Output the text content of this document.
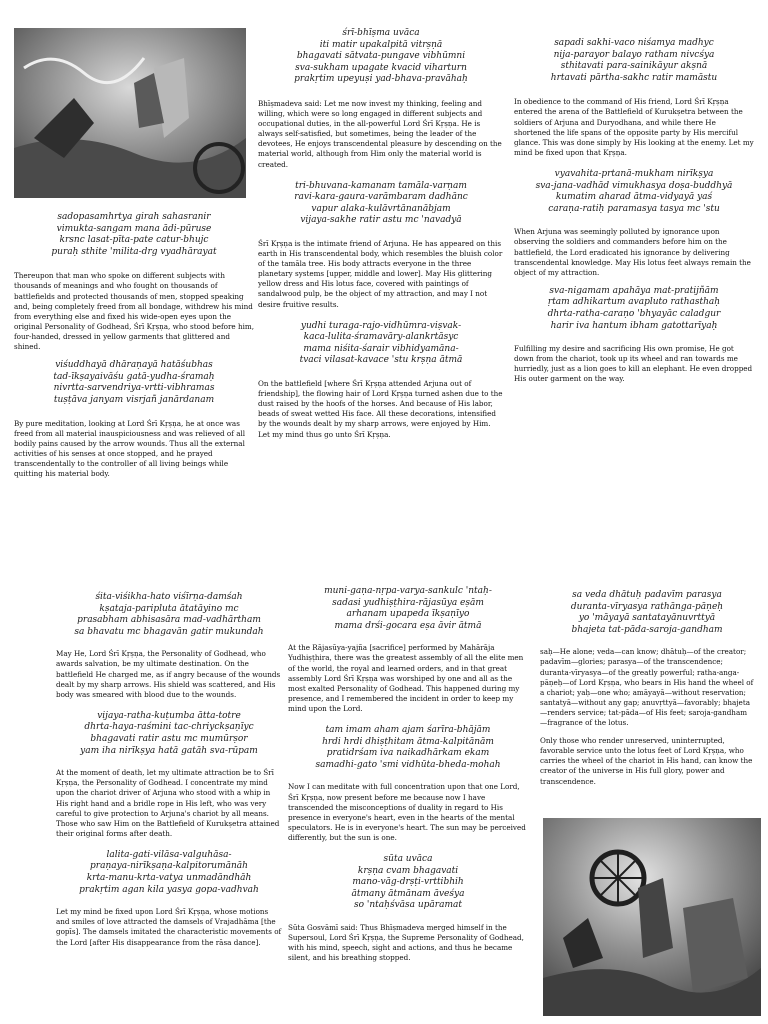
sadopasamhrtya girah sahasranir
vimukta-sangam mana ādi-pūruse
krsnc lasat-pīta-pate catur-bhujc
puraḥ sthite 'milita-drg vyadhārayat

Thereupon that man who spoke on different subjects with thousands of meanings and who fought on thousands of battlefields and protected thousands of men, stopped speaking and, being completely freed from all bondage, withdrew his mind from everything else and fixed his wide-open eyes upon the original Personality of Godhead, Śrī Kṛṣṇa, who stood before him, four-handed, dressed in yellow garments that glittered and shined.

viśuddhayā dhāraṇayā hatāśubhas
tad-īkṣayaivāśu gatā-yudha-śramaḥ
nivrtta-sarvendriya-vrtti-vibhramas
tuṣṭāva janyam visrjañ janārdanam

By pure meditation, looking at Lord Śrī Kṛṣṇa, he at once was freed from all material inauspiciousness and was relieved of all bodily pains caused by the arrow wounds. Thus all the external activities of his senses at once stopped, and he prayed transcendentally to the controller of all living beings while quitting his material body.

śrī-bhīṣma uvāca
iti matir upakalpitā vitrṣṇā
bhagavati sātvata-pungave vibhūmni
sva-sukham upagate kvacid viharturn
prakṛtim upeyuṣi yad-bhava-pravāhaḥ

Bhīṣmadeva said: Let me now invest my thinking, feeling and willing, which were so long engaged in different subjects and occupational duties, in the all-powerful Lord Śrī Kṛṣṇa. He is always self-satisfied, but sometimes, being the leader of the devotees, He enjoys transcendental pleasure by descending on the material world, although from Him only the material world is created.

tri-bhuvana-kamanam tamāla-varṇam
ravi-kara-gaura-varāmbaram dadhānc
vapur alaka-kulāvrtānanābjam
vijaya-sakhe ratir astu mc 'navadyā

Śrī Kṛṣṇa is the intimate friend of Arjuna. He has appeared on this earth in His transcendental body, which resembles the bluish color of the tamāla tree. His body attracts everyone in the three planetary systems [upper, middle and lower]. May His glittering yellow dress and His lotus face, covered with paintings of sandalwood pulp, be the object of my attraction, and may I not desire fruitive results.

yudhi turaga-rajo-vidhūmra-viṣvak-
kaca-lulita-śramavāry-alankrtāsyc
mama niśita-śarair vibhidyamāna-
tvaci vilasat-kavace 'stu krṣṇa ātmā

On the battlefield [where Śrī Kṛṣṇa attended Arjuna out of friendship], the flowing hair of Lord Kṛṣṇa turned ashen due to the dust raised by the hoofs of the horses. And because of His labor, beads of sweat wetted His face. All these decorations, intensified by the wounds dealt by my sharp arrows, were enjoyed by Him. Let my mind thus go unto Śrī Kṛṣṇa.

sapadi sakhi-vaco niśamya madhyc
nija-parayor balayo ratham nivcśya
sthitavati para-sainikāyur akṣnā
hrtavati pārtha-sakhc ratir mamāstu

In obedience to the command of His friend, Lord Śrī Kṛṣṇa entered the arena of the Battlefield of Kurukṣetra between the soldiers of Arjuna and Duryodhana, and while there He shortened the life spans of the opposite party by His merciful glance. This was done simply by His looking at the enemy. Let my mind be fixed upon that Kṛṣṇa.

vyavahita-prtanā-mukham nirīkṣya
sva-jana-vadhād vimukhasya doṣa-buddhyā
kumatim aharad ātma-vidyayā yaś
caraṇa-ratiḥ paramasya tasya mc 'stu

When Arjuna was seemingly polluted by ignorance upon observing the soldiers and commanders before him on the battlefield, the Lord eradicated his ignorance by delivering transcendental knowledge. May His lotus feet always remain the object of my attraction.

sva-nigamam apahāya mat-pratijñām
ṛtam adhikartum avapluto rathasthaḥ
dhrta-ratha-caraṇo 'bhyayāc caladgur
harir iva hantum ibham gatottarīyaḥ

Fulfilling my desire and sacrificing His own promise, He got down from the chariot, took up its wheel and ran towards me hurriedly, just as a lion goes to kill an elephant. He even dropped His outer garment on the way.

śita-viśikha-hato viśīrṇa-damśah
kṣataja-pariplutа ātatāyino mc
prasabham abhisasāra mad-vadhārtham
sa bhavatu mc bhagavān gatir mukundah

May He, Lord Śrī Kṛṣṇa, the Personality of Godhead, who awards salvation, be my ultimate destination. On the battlefield He charged me, as if angry because of the wounds dealt by my sharp arrows. His shield was scattered, and His body was smeared with blood due to the wounds.

vijaya-ratha-kuṭumba ātta-totre
dhrta-haya-raśmini tac-chriyckṣaṇīyc
bhagavati ratir astu mc mumūrṣor
yam iha nirīkṣya hatā gatāh sva-rūpam

At the moment of death, let my ultimate attraction be to Śrī Kṛṣṇa, the Personality of Godhead. I concentrate my mind upon the chariot driver of Arjuna who stood with a whip in His right hand and a bridle rope in His left, who was very careful to give protection to Arjuna's chariot by all means. Those who saw Him on the Battlefield of Kurukṣetra attained their original forms after death.

lalita-gati-vilāsa-valguhāsa-
praṇaya-nirīkṣaṇa-kalpitorumānāh
krta-manu-krta-vatya unmadāndhāh
prakṛtim agan kila yasya gopa-vadhvah

Let my mind be fixed upon Lord Śrī Kṛṣṇa, whose motions and smiles of love attracted the damsels of Vrajadhāma [the gopīs]. The damsels imitated the characteristic movements of the Lord [after His disappearance from the rāsa dance].

muni-gaṇa-nṛpa-varya-sankulc 'ntaḥ-
sadasi yudhiṣṭhira-rājasūya eṣām
arhanam upapeda īkṣaṇīyo
mama drśi-gocara eṣa āvir ātmā

At the Rājasūya-yajña [sacrifice] performed by Mahārāja Yudhiṣṭhira, there was the greatest assembly of all the elite men of the world, the royal and learned orders, and in that great assembly Lord Śrī Kṛṣṇa was worshiped by one and all as the most exalted Personality of Godhead. This happened during my presence, and I remembered the incident in order to keep my mind upon the Lord.

tam imam aham ajam śarīra-bhājām
hrdi hrdi dhiṣṭhitam ātma-kalpitānām
pratidrśam iva naikadhārkam ekam
samadhi-gato 'smi vidhūta-bheda-mohah

Now I can meditate with full concentration upon that one Lord, Śrī Kṛṣṇa, now present before me because now I have transcended the misconceptions of duality in regard to His presence in everyone's heart, even in the hearts of the mental speculators. He is in everyone's heart. The sun may be perceived differently, but the sun is one.

sūta uvāca
krṣṇa cvam bhagavati
mano-vāg-drṣṭi-vrttibhih
ātmany ātmānam āveśya
so 'ntaḥśvāsa upāramat

Sūta Gosvāmī said: Thus Bhīṣmadeva merged himself in the Supersoul, Lord Śrī Kṛṣṇa, the Supreme Personality of Godhead, with his mind, speech, sight and actions, and thus he became silent, and his breathing stopped.

sa veda dhātuḥ padavīm parasya
duranta-vīryasya rathānga-pāṇeḥ
yo 'māyayā santatayānuvrttyā
bhajeta tat-pāda-saroja-gandham

saḥ—He alone; veda—can know; dhātuḥ—of the creator; padavīm—glories; parasya—of the transcendence; duranta-vīryasya—of the greatly powerful; ratha-anga-pāṇeḥ—of Lord Kṛṣṇa, who bears in His hand the wheel of a chariot; yaḥ—one who; amāyayā—without reservation; santatyā—without any gap; anuvṛttyā—favorably; bhajeta—renders service; tat-pāda—of His feet; saroja-gandham—fragrance of the lotus.

Only those who render unreserved, uninterrupted, favorable service unto the lotus feet of Lord Kṛṣṇa, who carries the wheel of the chariot in His hand, can know the creator of the universe in His full glory, power and transcendence.
